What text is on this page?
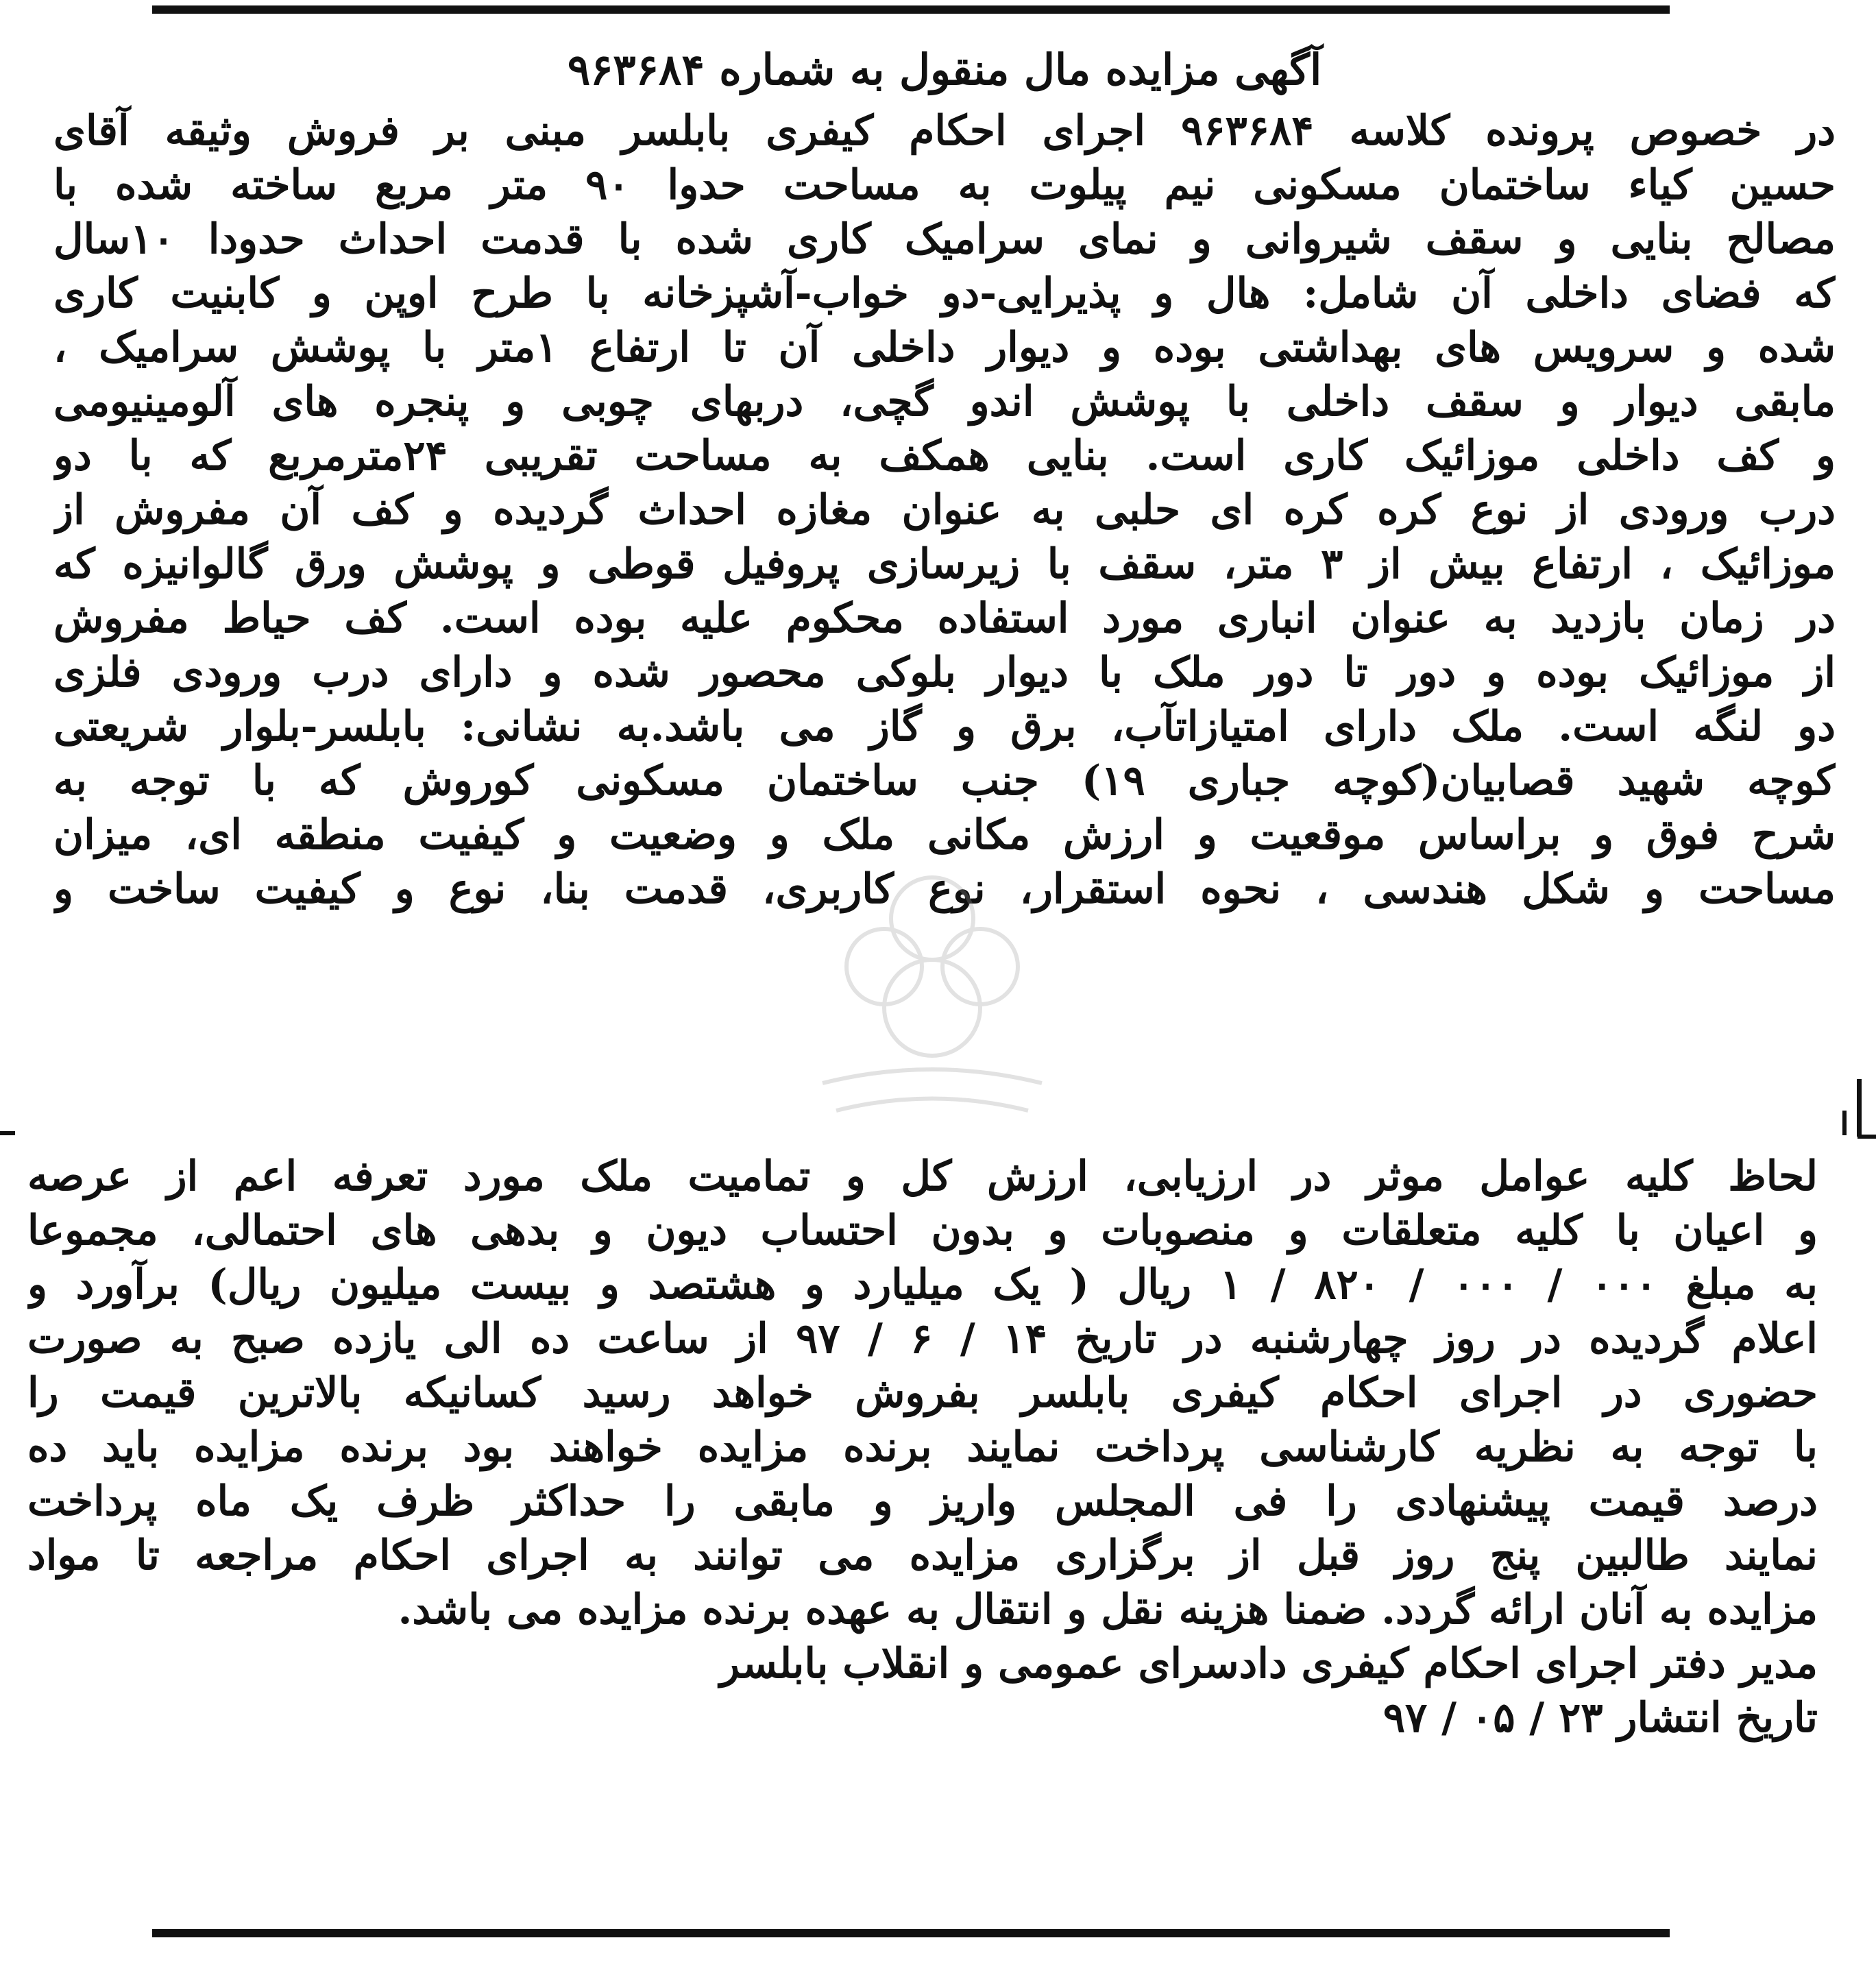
آگهی مزایده مال منقول به شماره ۹۶۳۶۸۴
در خصوص پرونده کلاسه ۹۶۳۶۸۴ اجرای احکام کیفری بابلسر مبنی بر فروش وثیقه آقای
حسین کیاء ساختمان مسکونی نیم پیلوت به مساحت حدوا ۹۰ متر مربع ساخته شده با
مصالح بنایی و سقف شیروانی و نمای سرامیک کاری شده با قدمت احداث حدودا ۱۰سال
که فضای داخلی آن شامل: هال و پذیرایی-دو خواب-آشپزخانه با طرح اوپن و کابنیت کاری
شده و سرویس های بهداشتی بوده و دیوار داخلی آن تا ارتفاع ۱متر با پوشش سرامیک ،
مابقی دیوار و سقف داخلی با پوشش اندو گچی، دربهای چوبی و پنجره های آلومینیومی
و کف داخلی موزائیک کاری است. بنایی همکف به مساحت تقریبی ۲۴مترمربع که با دو
درب ورودی از نوع کره کره ای حلبی به عنوان مغازه احداث گردیده و کف آن مفروش از
موزائیک ، ارتفاع بیش از ۳ متر، سقف با زیرسازی پروفیل قوطی و پوشش ورق گالوانیزه که
در زمان بازدید به عنوان انباری مورد استفاده محکوم علیه بوده است. کف حیاط مفروش
از موزائیک بوده و دور تا دور ملک با دیوار بلوکی محصور شده و دارای درب ورودی فلزی
دو لنگه است. ملک دارای امتیازاتآب، برق و گاز می باشد.به نشانی: بابلسر-بلوار شریعتی
کوچه شهید قصابیان(کوچه جباری ۱۹) جنب ساختمان مسکونی کوروش که با توجه به
شرح فوق و براساس موقعیت و ارزش مکانی ملک و وضعیت و کیفیت منطقه ای، میزان
مساحت و شکل هندسی ، نحوه استقرار، نوع کاربری، قدمت بنا، نوع و کیفیت ساخت و
لحاظ کلیه عوامل موثر در ارزیابی، ارزش کل و تمامیت ملک مورد تعرفه اعم از عرصه
و اعیان با کلیه متعلقات و منصوبات و بدون احتساب دیون و بدهی های احتمالی، مجموعا
به مبلغ ۰۰۰ / ۰۰۰ / ۸۲۰ / ۱ ریال ( یک میلیارد و هشتصد و بیست میلیون ریال) برآورد و
اعلام گردیده در روز چهارشنبه در تاریخ ۱۴ / ۶ / ۹۷ از ساعت ده الی یازده صبح به صورت
حضوری در اجرای احکام کیفری بابلسر بفروش خواهد رسید کسانیکه بالاترین قیمت را
با توجه به نظریه کارشناسی پرداخت نمایند برنده مزایده خواهند بود برنده مزایده باید ده
درصد قیمت پیشنهادی را فی المجلس واریز و مابقی را حداکثر ظرف یک ماه پرداخت
نمایند طالبین پنج روز قبل از برگزاری مزایده می توانند به اجرای احکام مراجعه تا مواد
مزایده به آنان ارائه گردد. ضمنا هزینه نقل و انتقال به عهده برنده مزایده می باشد.
مدیر دفتر اجرای احکام کیفری دادسرای عمومی و انقلاب بابلسر
تاریخ انتشار ۲۳ / ۰۵ / ۹۷
